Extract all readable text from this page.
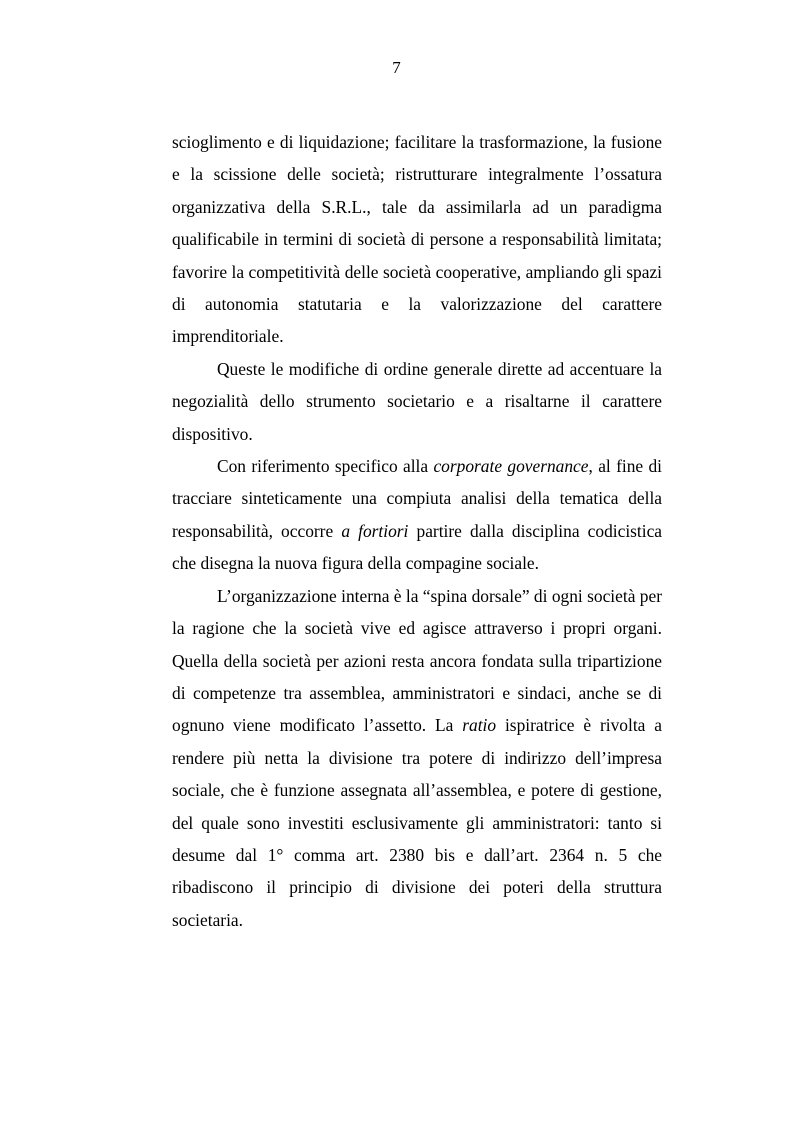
7

scioglimento e di liquidazione; facilitare la trasformazione, la fusione e la scissione delle società; ristrutturare integralmente l’ossatura organizzativa della S.R.L., tale da assimilarla ad un paradigma qualificabile in termini di società di persone a responsabilità limitata; favorire la competitività delle società cooperative, ampliando gli spazi di autonomia statutaria e la valorizzazione del carattere imprenditoriale.

Queste le modifiche di ordine generale dirette ad accentuare la negozialità dello strumento societario e a risaltarne il carattere dispositivo.

Con riferimento specifico alla corporate governance, al fine di tracciare sinteticamente una compiuta analisi della tematica della responsabilità, occorre a fortiori partire dalla disciplina codicistica che disegna la nuova figura della compagine sociale.

L’organizzazione interna è la “spina dorsale” di ogni società per la ragione che la società vive ed agisce attraverso i propri organi. Quella della società per azioni resta ancora fondata sulla tripartizione di competenze tra assemblea, amministratori e sindaci, anche se di ognuno viene modificato l’assetto. La ratio ispiratrice è rivolta a rendere più netta la divisione tra potere di indirizzo dell’impresa sociale, che è funzione assegnata all’assemblea, e potere di gestione, del quale sono investiti esclusivamente gli amministratori: tanto si desume dal 1° comma art. 2380 bis e dall’art. 2364 n. 5 che ribadiscono il principio di divisione dei poteri della struttura societaria.
